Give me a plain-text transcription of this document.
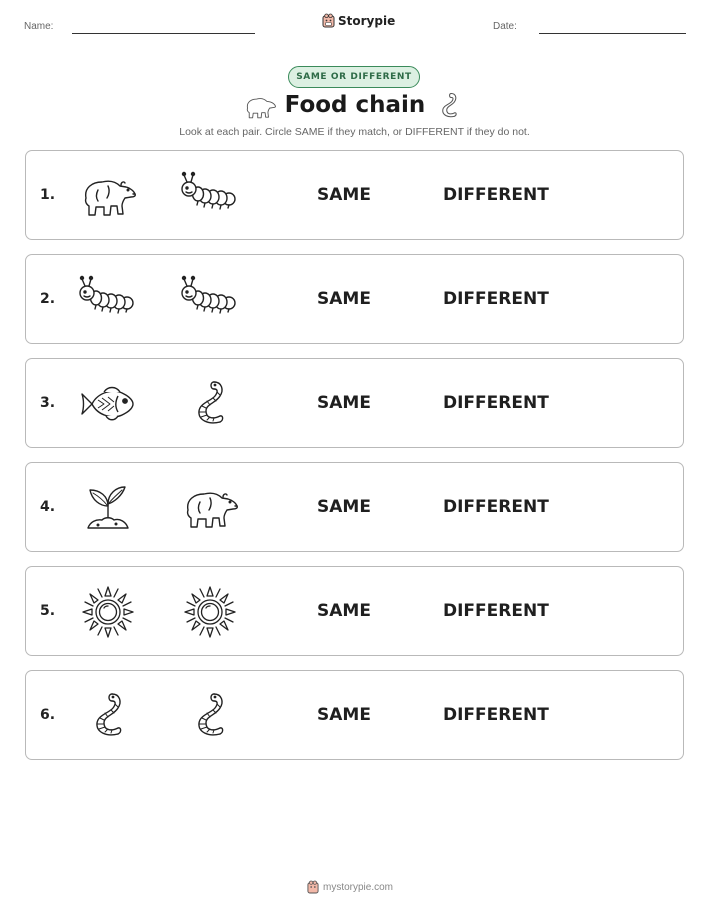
Name:	Storypie	Date:
SAME OR DIFFERENT
Food chain
Look at each pair. Circle SAME if they match, or DIFFERENT if they do not.
1.	SAME	DIFFERENT
2.	SAME	DIFFERENT
3.	SAME	DIFFERENT
4.	SAME	DIFFERENT
5.	SAME	DIFFERENT
6.	SAME	DIFFERENT
mystorypie.com
